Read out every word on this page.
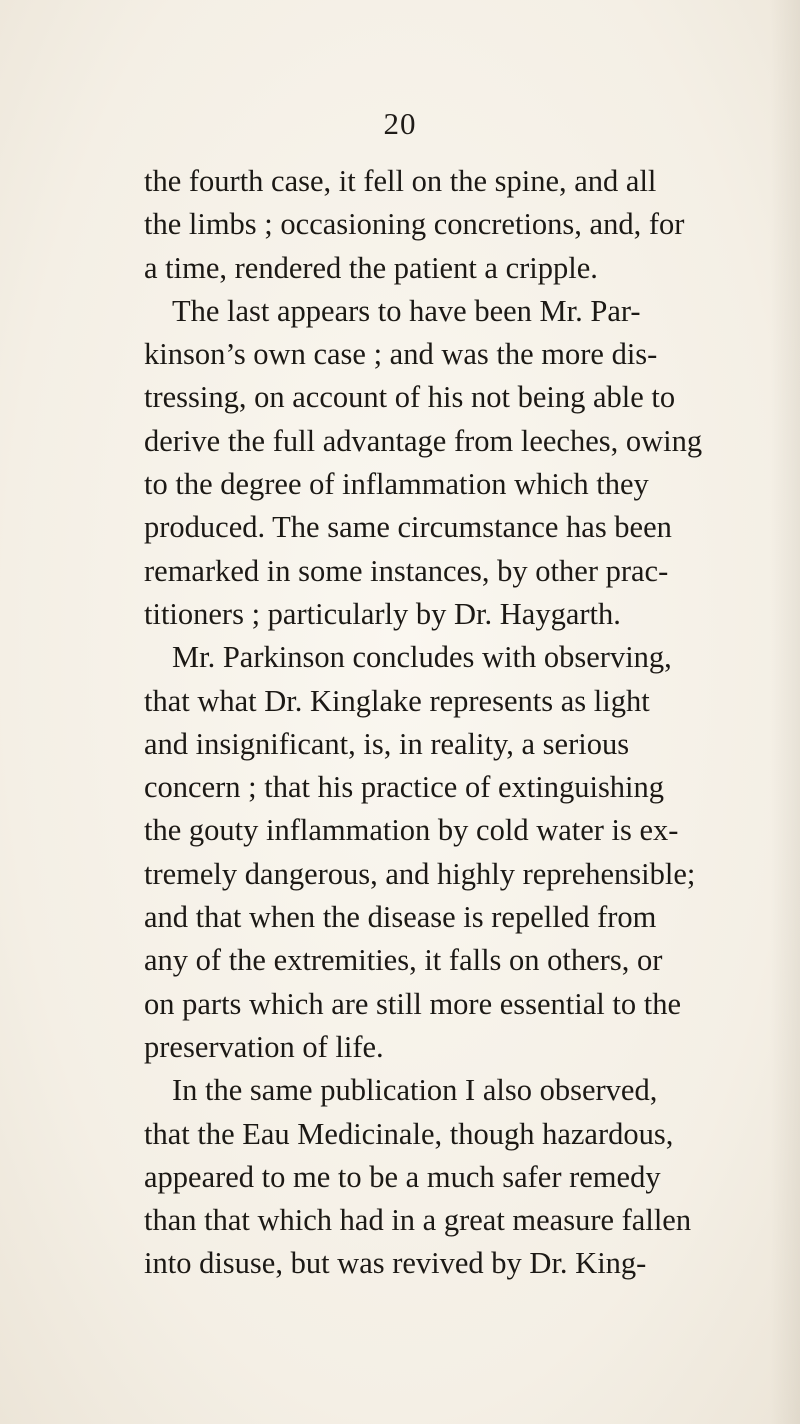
20
the fourth case, it fell on the spine, and all
the limbs ; occasioning concretions, and, for
a time, rendered the patient a cripple.
The last appears to have been Mr. Par-
kinson’s own case ; and was the more dis-
tressing, on account of his not being able to
derive the full advantage from leeches, owing
to the degree of inflammation which they
produced. The same circumstance has been
remarked in some instances, by other prac-
titioners ; particularly by Dr. Haygarth.
Mr. Parkinson concludes with observing,
that what Dr. Kinglake represents as light
and insignificant, is, in reality, a serious
concern ; that his practice of extinguishing
the gouty inflammation by cold water is ex-
tremely dangerous, and highly reprehensible;
and that when the disease is repelled from
any of the extremities, it falls on others, or
on parts which are still more essential to the
preservation of life.
In the same publication I also observed,
that the Eau Medicinale, though hazardous,
appeared to me to be a much safer remedy
than that which had in a great measure fallen
into disuse, but was revived by Dr. King-
